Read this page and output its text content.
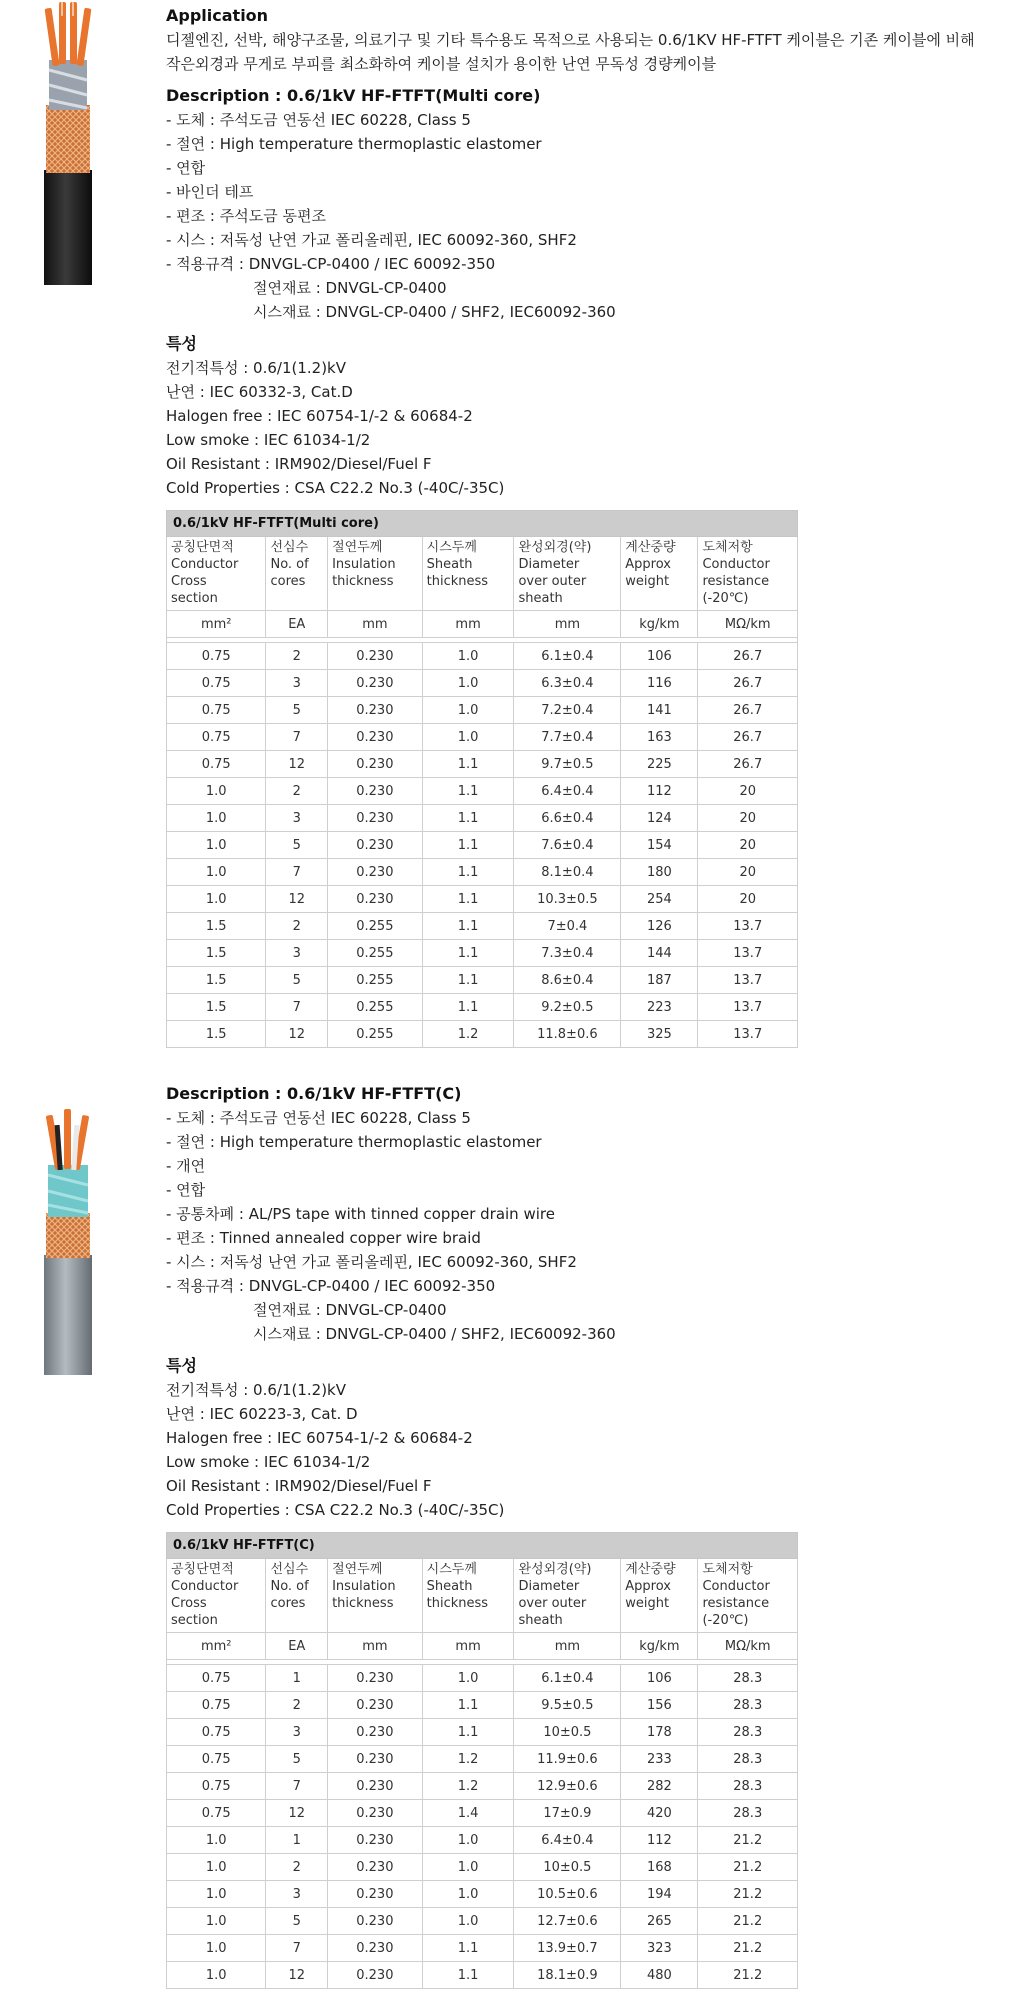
Application
디젤엔진, 선박, 해양구조물, 의료기구 및 기타 특수용도 목적으로 사용되는 0.6/1KV HF-FTFT 케이블은 기존 케이블에 비해
작은외경과 무게로 부피를 최소화하여 케이블 설치가 용이한 난연 무독성 경량케이블
Description : 0.6/1kV HF-FTFT(Multi core)
- 도체 : 주석도금 연동선 IEC 60228, Class 5
- 절연 : High temperature thermoplastic elastomer
- 연합
- 바인더 테프
- 편조 : 주석도금 동편조
- 시스 : 저독성 난연 가교 폴리올레핀, IEC 60092-360, SHF2
- 적용규격 : DNVGL-CP-0400 / IEC 60092-350
절연재료 : DNVGL-CP-0400
시스재료 : DNVGL-CP-0400 / SHF2, IEC60092-360
특성
전기적특성 : 0.6/1(1.2)kV
난연 : IEC 60332-3, Cat.D
Halogen free : IEC 60754-1/-2 & 60684-2
Low smoke : IEC 61034-1/2
Oil Resistant : IRM902/Diesel/Fuel F
Cold Properties : CSA C22.2 No.3 (-40C/-35C)
0.6/1kV HF-FTFT(Multi core)						
공칭단면적
Conductor
Cross
section	선심수
No. of
cores	절연두께
Insulation
thickness	시스두께
Sheath
thickness	완성외경(약)
Diameter
over outer
sheath	계산중량
Approx
weight	도체저항
Conductor
resistance
(-20℃)
mm²	EA	mm	mm	mm	kg/km	MΩ/km

0.75	2	0.230	1.0	6.1±0.4	106	26.7
0.75	3	0.230	1.0	6.3±0.4	116	26.7
0.75	5	0.230	1.0	7.2±0.4	141	26.7
0.75	7	0.230	1.0	7.7±0.4	163	26.7
0.75	12	0.230	1.1	9.7±0.5	225	26.7
1.0	2	0.230	1.1	6.4±0.4	112	20
1.0	3	0.230	1.1	6.6±0.4	124	20
1.0	5	0.230	1.1	7.6±0.4	154	20
1.0	7	0.230	1.1	8.1±0.4	180	20
1.0	12	0.230	1.1	10.3±0.5	254	20
1.5	2	0.255	1.1	7±0.4	126	13.7
1.5	3	0.255	1.1	7.3±0.4	144	13.7
1.5	5	0.255	1.1	8.6±0.4	187	13.7
1.5	7	0.255	1.1	9.2±0.5	223	13.7
1.5	12	0.255	1.2	11.8±0.6	325	13.7
Description : 0.6/1kV HF-FTFT(C)
- 도체 : 주석도금 연동선 IEC 60228, Class 5
- 절연 : High temperature thermoplastic elastomer
- 개연
- 연합
- 공통차폐 : AL/PS tape with tinned copper drain wire
- 편조 : Tinned annealed copper wire braid
- 시스 : 저독성 난연 가교 폴리올레핀, IEC 60092-360, SHF2
- 적용규격 : DNVGL-CP-0400 / IEC 60092-350
절연재료 : DNVGL-CP-0400
시스재료 : DNVGL-CP-0400 / SHF2, IEC60092-360
특성
전기적특성 : 0.6/1(1.2)kV
난연 : IEC 60223-3, Cat. D
Halogen free : IEC 60754-1/-2 & 60684-2
Low smoke : IEC 61034-1/2
Oil Resistant : IRM902/Diesel/Fuel F
Cold Properties : CSA C22.2 No.3 (-40C/-35C)
0.6/1kV HF-FTFT(C)						
공칭단면적
Conductor
Cross
section	선심수
No. of
cores	절연두께
Insulation
thickness	시스두께
Sheath
thickness	완성외경(약)
Diameter
over outer
sheath	계산중량
Approx
weight	도체저항
Conductor
resistance
(-20℃)
mm²	EA	mm	mm	mm	kg/km	MΩ/km

0.75	1	0.230	1.0	6.1±0.4	106	28.3
0.75	2	0.230	1.1	9.5±0.5	156	28.3
0.75	3	0.230	1.1	10±0.5	178	28.3
0.75	5	0.230	1.2	11.9±0.6	233	28.3
0.75	7	0.230	1.2	12.9±0.6	282	28.3
0.75	12	0.230	1.4	17±0.9	420	28.3
1.0	1	0.230	1.0	6.4±0.4	112	21.2
1.0	2	0.230	1.0	10±0.5	168	21.2
1.0	3	0.230	1.0	10.5±0.6	194	21.2
1.0	5	0.230	1.0	12.7±0.6	265	21.2
1.0	7	0.230	1.1	13.9±0.7	323	21.2
1.0	12	0.230	1.1	18.1±0.9	480	21.2
